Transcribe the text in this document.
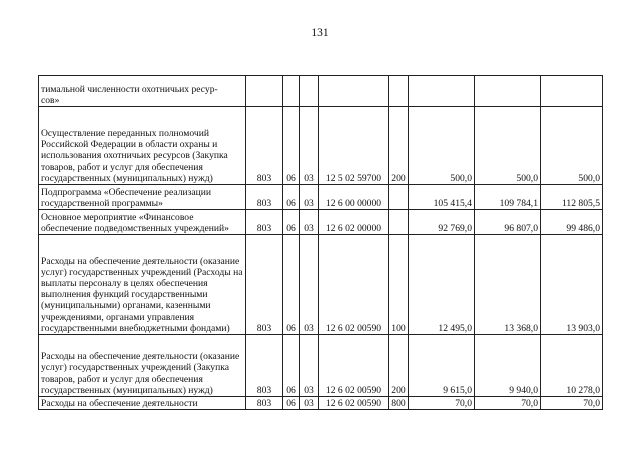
131
тимальной численности охотничьих ресур-
сов»								
Осуществление переданных полномочий Российской Федерации в области охраны и использования охотничьих ресурсов (Закупка товаров, работ и услуг для обеспечения государственных (муниципальных) нужд)	803	06	03	12 5 02 59700	200	500,0	500,0	500,0
Подпрограмма «Обеспечение реализации государственной программы»	803	06	03	12 6 00 00000		105 415,4	109 784,1	112 805,5
Основное мероприятие «Финансовое обеспечение подведомственных учреждений»	803	06	03	12 6 02 00000		92 769,0	96 807,0	99 486,0
Расходы на обеспечение деятельности (оказание услуг) государственных учреждений (Расходы на выплаты персоналу в целях обеспечения выполнения функций государственными (муниципальными) органами, казенными учреждениями, органами управления государственными внебюджетными фондами)	803	06	03	12 6 02 00590	100	12 495,0	13 368,0	13 903,0
Расходы на обеспечение деятельности (оказание услуг) государственных учреждений (Закупка товаров, работ и услуг для обеспечения государственных (муниципальных) нужд)	803	06	03	12 6 02 00590	200	9 615,0	9 940,0	10 278,0
Расходы на обеспечение деятельности	803	06	03	12 6 02 00590	800	70,0	70,0	70,0
